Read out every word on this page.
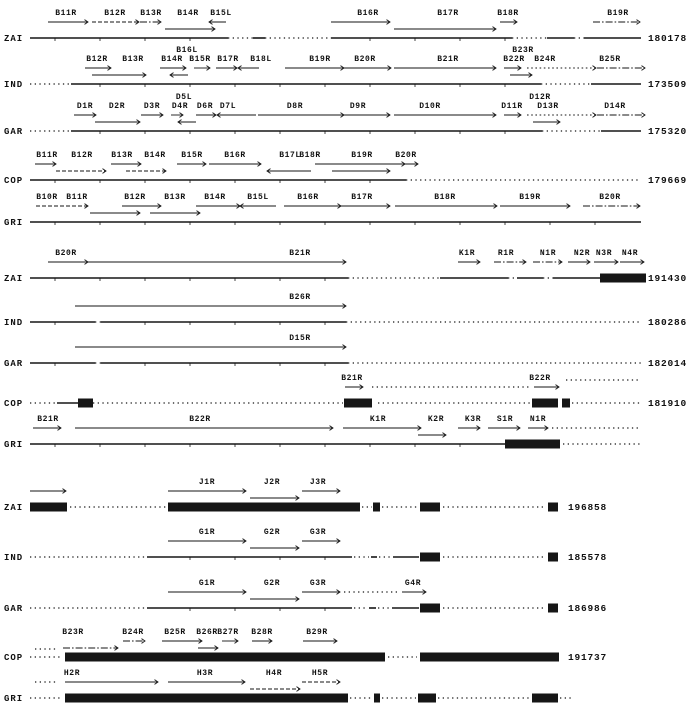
ZAI	180178
B11R	B12R B13R B14R B15L	B16R	B17R	B18R	B19R
IND	173509
B12R B13R B14R B15R
B16L
B17R B18L	B19R	B20R	B21R	B22R
B23R
B24R	B25R
GAR	175320
D1R D2R D3R D4R
D5L
D6R D7L	D8R	D9R	D10R	D11R
D12R
D13R	D14R
COP	179669
B11R B12R B13R B14R B15R	B16R	B17L
B18R	B19R	B20R
GRI
B10R B11R	B12R B13R B14R	B15L	B16R	B17R	B18R	B19R	B20R
ZAI	191430
B20R	B21R	K1R	R1R	N1R N2R N3R N4R
IND	180286
B26R
GAR	182014
D15R
COP	181910
B21R	B22R
GRI
B21R	B22R	K1R	K2R	K3R S1R N1R
ZAI	196858
J1R	J2R	J3R
IND	185578
G1R	G2R	G3R
GAR	186986
G1R	G2R	G3R	G4R
COP	191737
B23R	B24R	B25R B26R B27R B28R	B29R
GRI
H2R	H3R	H4R	H5R
